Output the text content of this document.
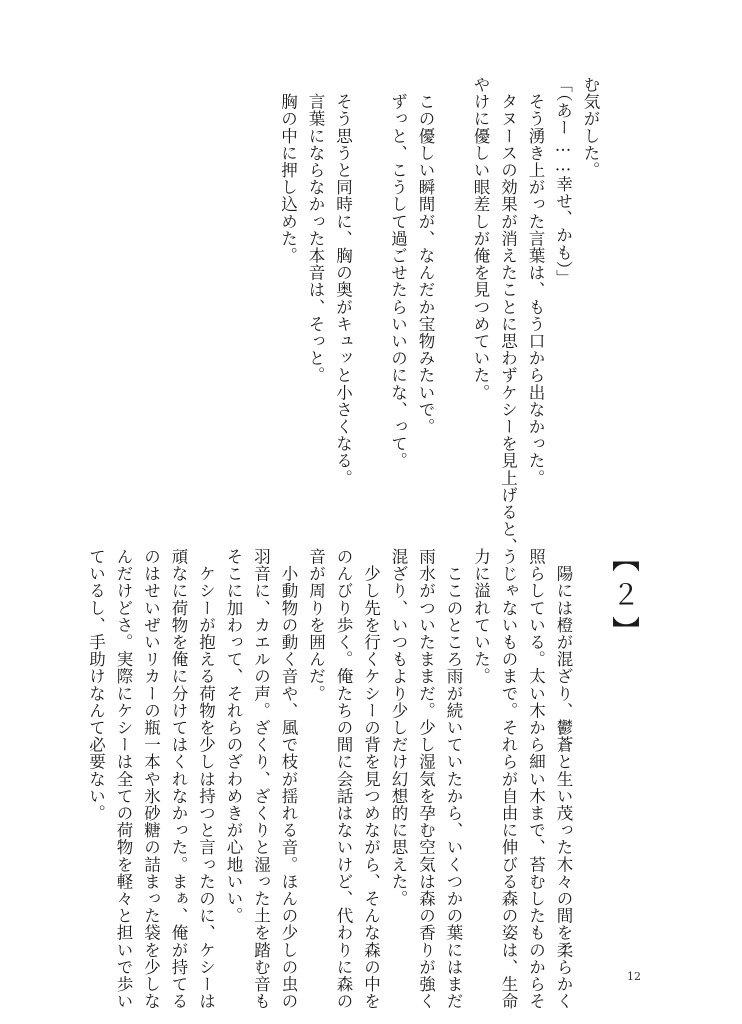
む気がした。
「（あー……幸せ、かも）」
　そう湧き上がった言葉は、もう口から出なかった。
　タヌースの効果が消えたことに思わずケシーを見上げると、
やけに優しい眼差しが俺を見つめていた。

　この優しい瞬間が、なんだか宝物みたいで。
　ずっと、こうして過ごせたらいいのにな、って。

　そう思うと同時に、胸の奥がキュッと小さくなる。
　言葉にならなかった本音は、そっと。
　胸の中に押し込めた。
【２】
　陽には橙が混ざり、鬱蒼と生い茂った木々の間を柔らかく
照らしている。太い木から細い木まで、苔むしたものからそ
うじゃないものまで。それらが自由に伸びる森の姿は、生命
力に溢れていた。
　ここのところ雨が続いていたから、いくつかの葉にはまだ
雨水がついたままだ。少し湿気を孕む空気は森の香りが強く
混ざり、いつもより少しだけ幻想的に思えた。
　少し先を行くケシーの背を見つめながら、そんな森の中を
のんびり歩く。俺たちの間に会話はないけど、代わりに森の
音が周りを囲んだ。
　小動物の動く音や、風で枝が揺れる音。ほんの少しの虫の
羽音に、カエルの声。ざくり、ざくりと湿った土を踏む音も
そこに加わって、それらのざわめきが心地いい。
　ケシーが抱える荷物を少しは持つと言ったのに、ケシーは
頑なに荷物を俺に分けてはくれなかった。まぁ、俺が持てる
のはせいぜいリカーの瓶一本や氷砂糖の詰まった袋を少しな
んだけどさ。実際にケシーは全ての荷物を軽々と担いで歩い
ているし、手助けなんて必要ない。
12
